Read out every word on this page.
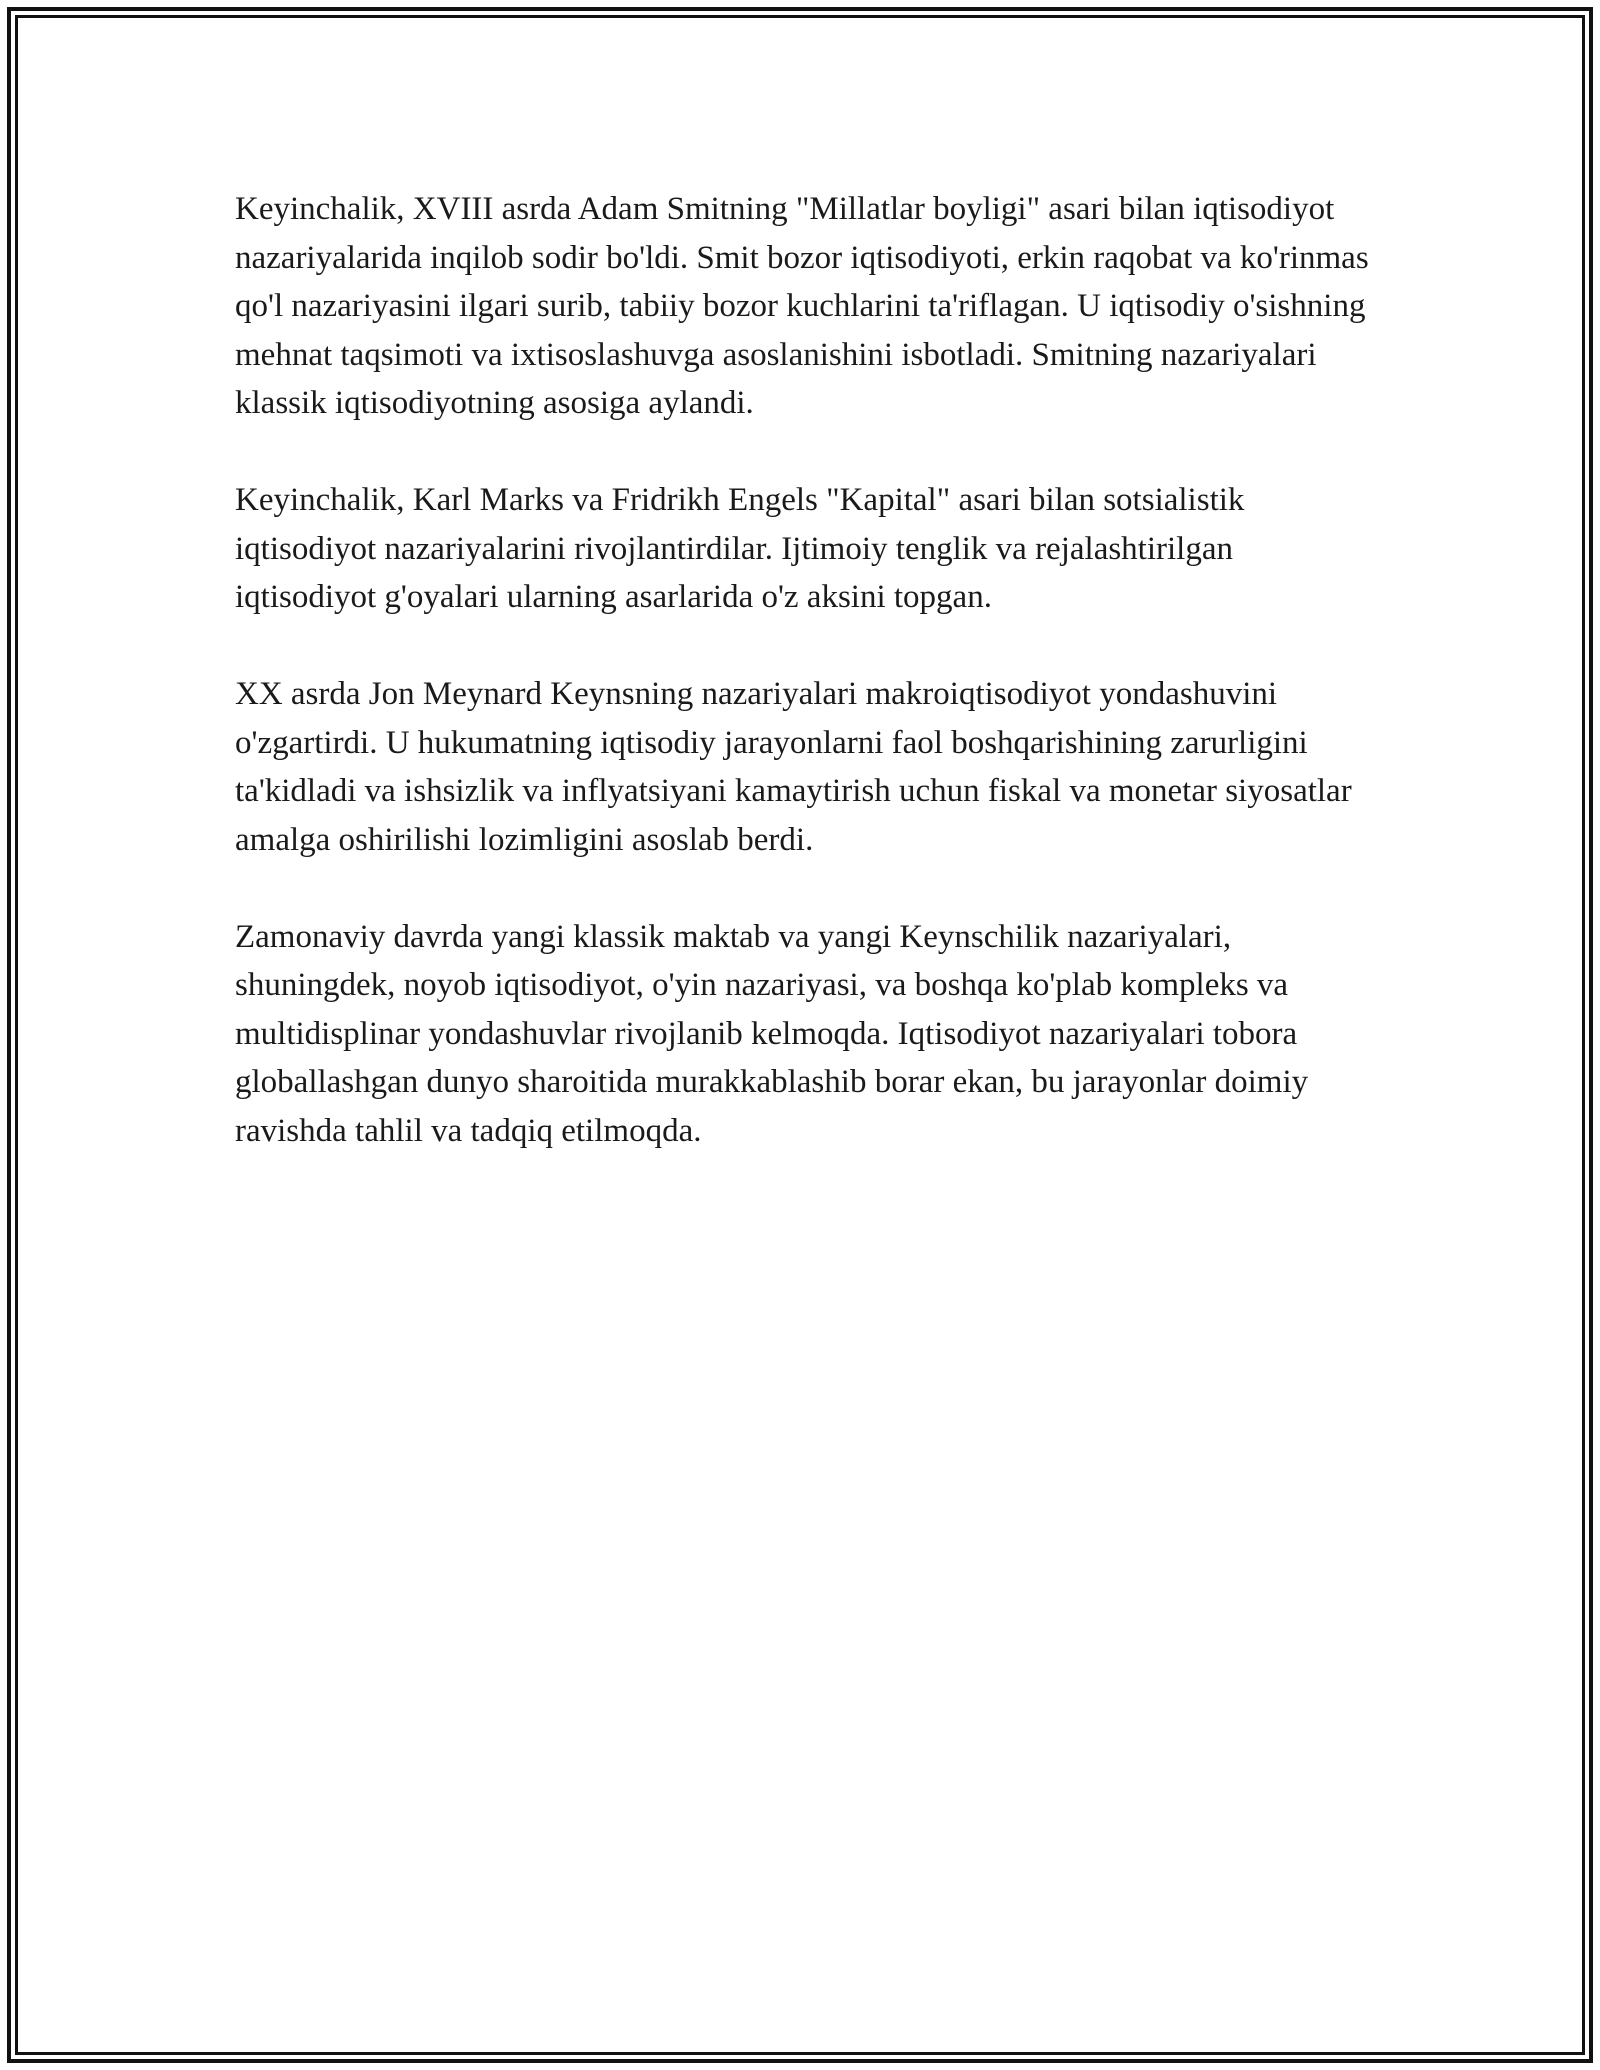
Keyinchalik, XVIII asrda Adam Smitning "Millatlar boyligi" asari bilan iqtisodiyot nazariyalarida inqilob sodir bo'ldi. Smit bozor iqtisodiyoti, erkin raqobat va ko'rinmas qo'l nazariyasini ilgari surib, tabiiy bozor kuchlarini ta'riflagan. U iqtisodiy o'sishning mehnat taqsimoti va ixtisoslashuvga asoslanishini isbotladi. Smitning nazariyalari klassik iqtisodiyotning asosiga aylandi.

Keyinchalik, Karl Marks va Fridrikh Engels "Kapital" asari bilan sotsialistik iqtisodiyot nazariyalarini rivojlantirdilar. Ijtimoiy tenglik va rejalashtirilgan iqtisodiyot g'oyalari ularning asarlarida o'z aksini topgan.

XX asrda Jon Meynard Keynsning nazariyalari makroiqtisodiyot yondashuvini o'zgartirdi. U hukumatning iqtisodiy jarayonlarni faol boshqarishining zarurligini ta'kidladi va ishsizlik va inflyatsiyani kamaytirish uchun fiskal va monetar siyosatlar amalga oshirilishi lozimligini asoslab berdi.

Zamonaviy davrda yangi klassik maktab va yangi Keynschilik nazariyalari, shuningdek, noyob iqtisodiyot, o'yin nazariyasi, va boshqa ko'plab kompleks va multidisplinar yondashuvlar rivojlanib kelmoqda. Iqtisodiyot nazariyalari tobora globallashgan dunyo sharoitida murakkablashib borar ekan, bu jarayonlar doimiy ravishda tahlil va tadqiq etilmoqda.
